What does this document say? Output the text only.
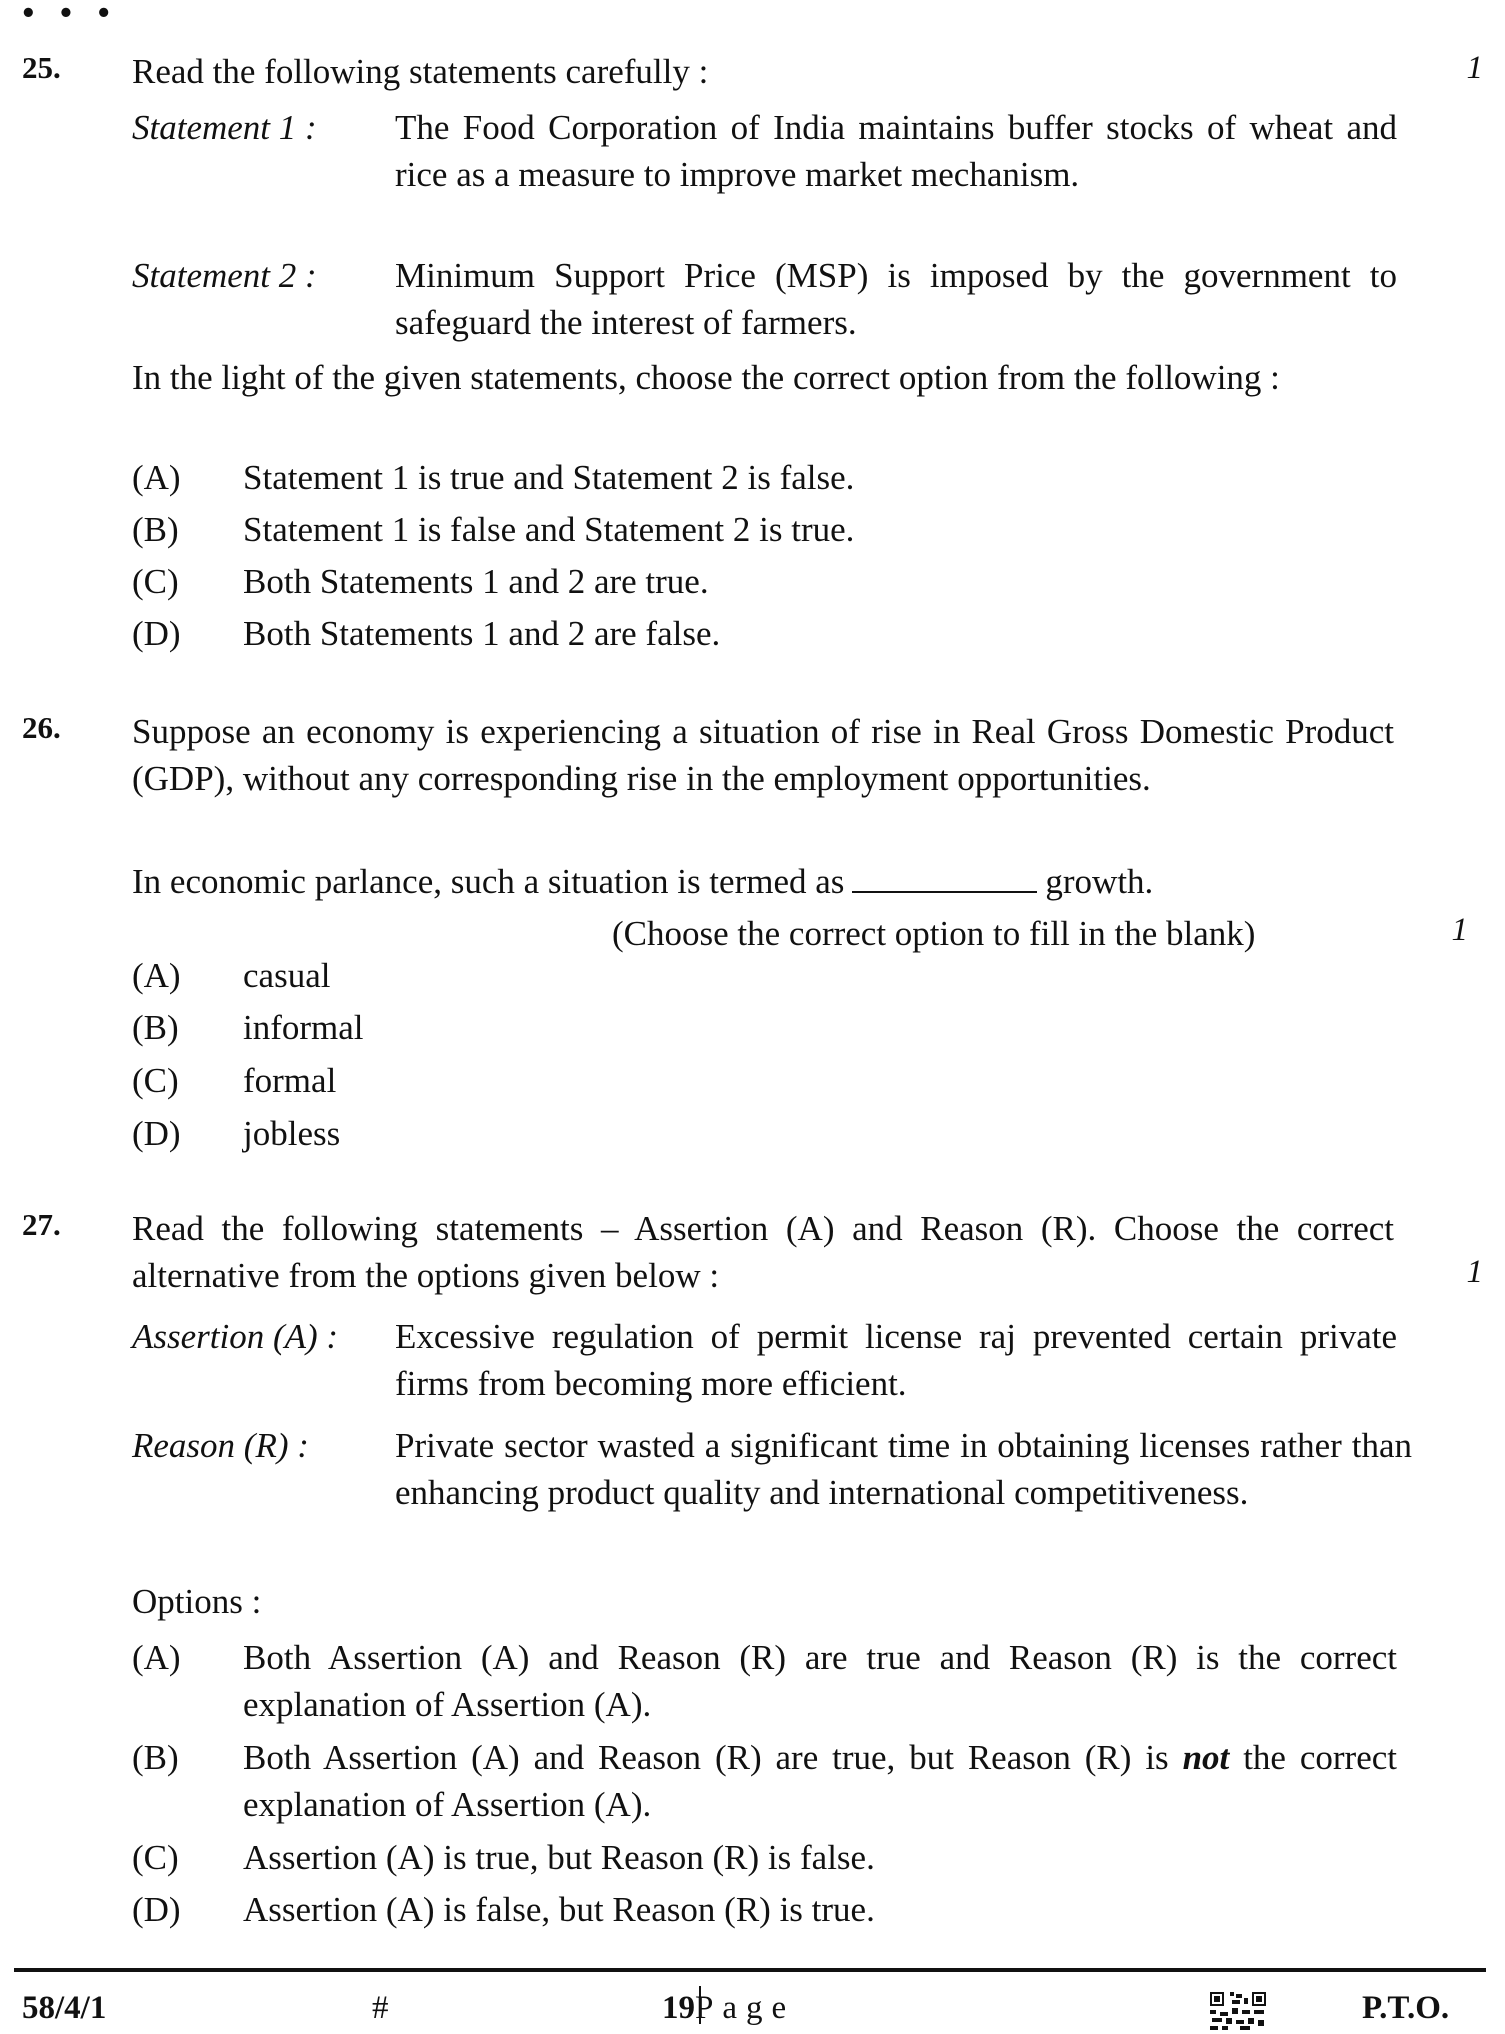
• • •
25. Read the following statements carefully :	1
Statement 1 :	The Food Corporation of India maintains buffer stocks of wheat and rice as a measure to improve market mechanism.
Statement 2 :	Minimum Support Price (MSP) is imposed by the government to safeguard the interest of farmers.
In the light of the given statements, choose the correct option from the following :
(A)	Statement 1 is true and Statement 2 is false.
(B)	Statement 1 is false and Statement 2 is true.
(C)	Both Statements 1 and 2 are true.
(D)	Both Statements 1 and 2 are false.
26. Suppose an economy is experiencing a situation of rise in Real Gross Domestic Product (GDP), without any corresponding rise in the employment opportunities.
In economic parlance, such a situation is termed as	growth.
(Choose the correct option to fill in the blank)	1
(A)	casual
(B)	informal
(C)	formal
(D)	jobless
27. Read the following statements – Assertion (A) and Reason (R). Choose the correct alternative from the options given below :	1
Assertion (A) :	Excessive regulation of permit license raj prevented certain private firms from becoming more efficient.
Reason (R) :	Private sector wasted a significant time in obtaining licenses rather than enhancing product quality and international competitiveness.
Options :
(A)	Both Assertion (A) and Reason (R) are true and Reason (R) is the correct explanation of Assertion (A).
(B)	Both Assertion (A) and Reason (R) are true, but Reason (R) is not the correct explanation of Assertion (A).
(C)	Assertion (A) is true, but Reason (R) is false.
(D)	Assertion (A) is false, but Reason (R) is true.
58/4/1	#	19 Page	P.T.O.
